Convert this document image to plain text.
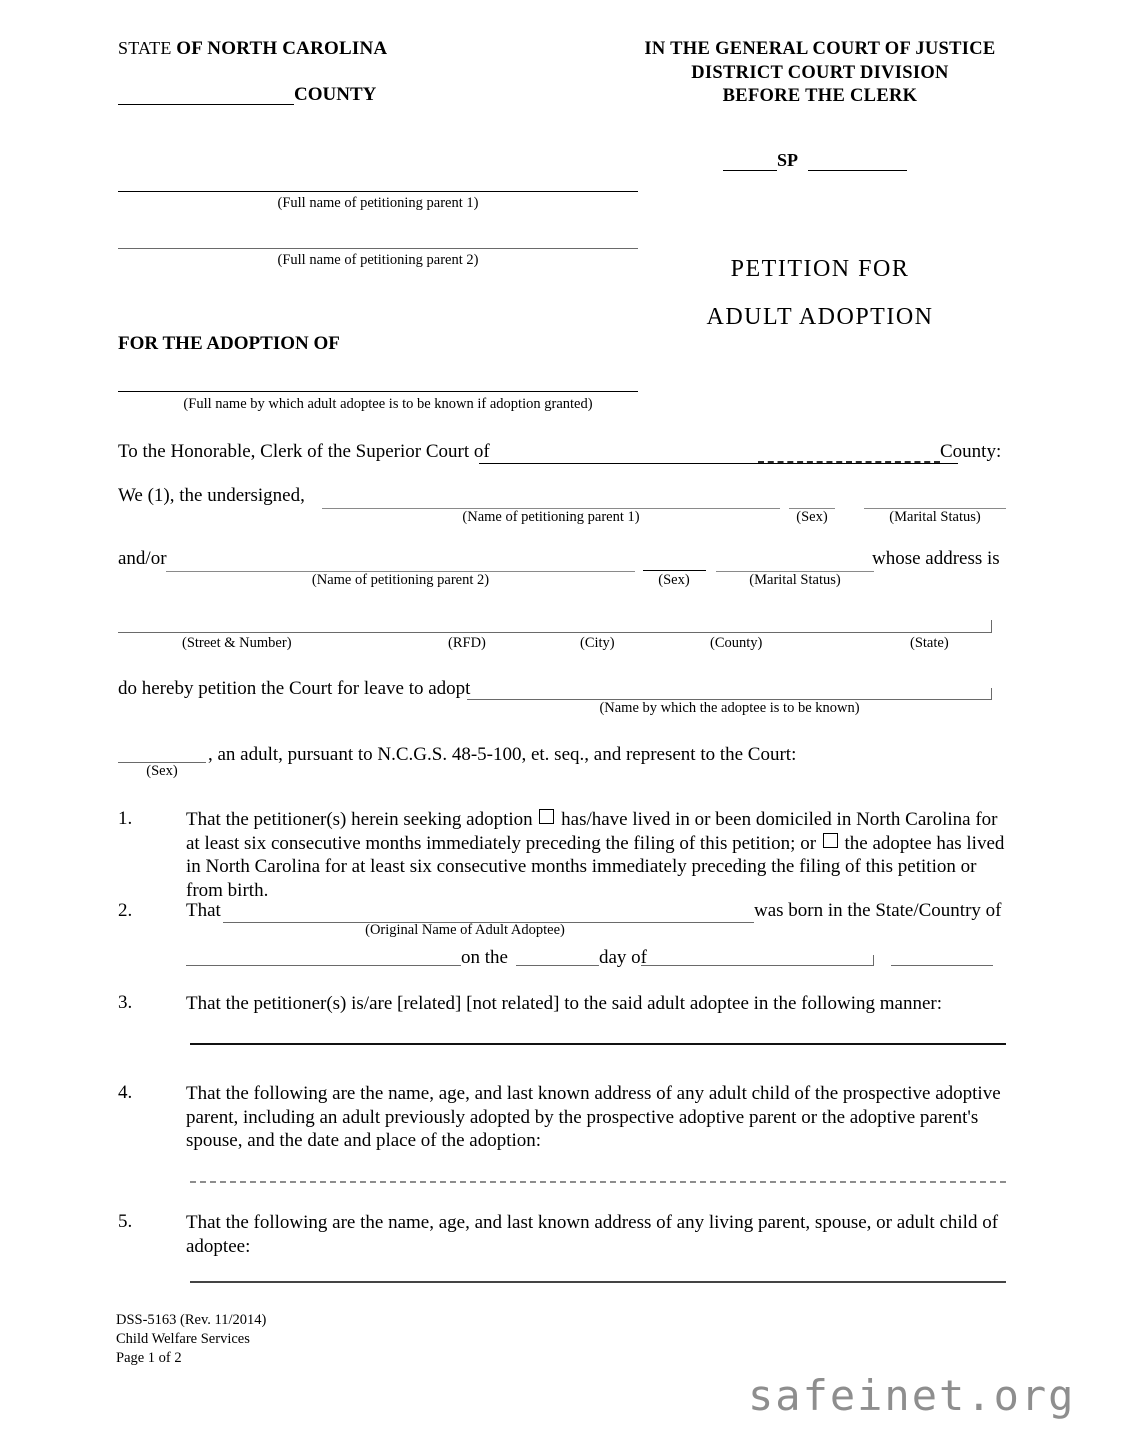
STATE OF NORTH CAROLINA
COUNTY
IN THE GENERAL COURT OF JUSTICE
DISTRICT COURT DIVISION
BEFORE THE CLERK
SP
(Full name of petitioning parent 1)
(Full name of petitioning parent 2)
FOR THE ADOPTION OF
(Full name by which adult adoptee is to be known if adoption granted)
PETITION FOR
ADULT ADOPTION
To the Honorable, Clerk of the Superior Court of	County:
We (1), the undersigned,
(Name of petitioning parent 1)	(Sex)	(Marital Status)
and/or
(Name of petitioning parent 2)	(Sex)	(Marital Status)
whose address is
(Street & Number)	(RFD)	(City)	(County)	(State)
do hereby petition the Court for leave to adopt
(Name by which the adoptee is to be known)
(Sex)
, an adult, pursuant to N.C.G.S. 48-5-100, et. seq., and represent to the Court:
1.	That the petitioner(s) herein seeking adoption  has/have lived in or been domiciled in North Carolina for at least six consecutive months immediately preceding the filing of this petition; or  the adoptee has lived in North Carolina for at least six consecutive months immediately preceding the filing of this petition or from birth.
2.	That
(Original Name of Adult Adoptee)
was born in the State/Country of
on the	day of
3.	That the petitioner(s) is/are [related] [not related] to the said adult adoptee in the following manner:
4.	That the following are the name, age, and last known address of any adult child of the prospective adoptive parent, including an adult previously adopted by the prospective adoptive parent or the adoptive parent's spouse, and the date and place of the adoption:
5.	That the following are the name, age, and last known address of any living parent, spouse, or adult child of adoptee:
DSS-5163 (Rev. 11/2014)
Child Welfare Services
Page 1 of 2
safeinet.org
